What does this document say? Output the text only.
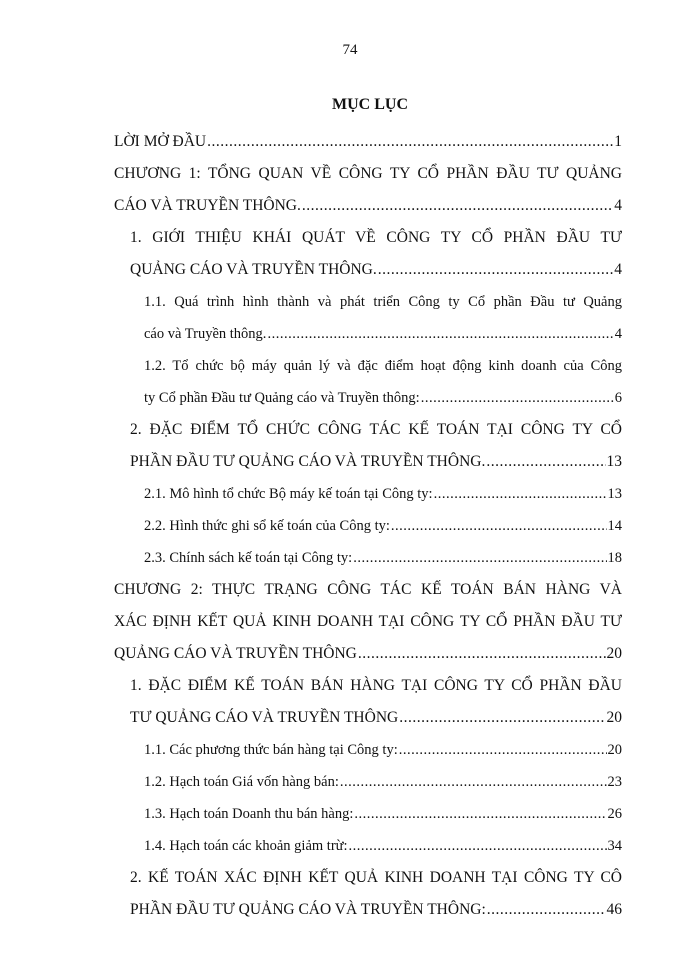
74
MỤC LỤC
LỜI MỞ ĐẦU .....	1
CHƯƠNG 1: TỔNG QUAN VỀ CÔNG TY CỔ PHẦN ĐẦU TƯ QUẢNG
CÁO VÀ TRUYỀN THÔNG. .....	4
1. GIỚI THIỆU KHÁI QUÁT VỀ CÔNG TY CỔ PHẦN ĐẦU TƯ
QUẢNG CÁO VÀ TRUYỀN THÔNG. .....	4
1.1. Quá trình hình thành và phát triển Công ty Cổ phần Đầu tư Quảng
cáo và Truyền thông. .....	4
1.2. Tổ chức bộ máy quản lý và đặc điểm hoạt động kinh doanh của Công
ty Cổ phần Đầu tư Quảng cáo và Truyền thông: .....	6
2. ĐẶC ĐIỂM TỔ CHỨC CÔNG TÁC KẾ TOÁN TẠI CÔNG TY CỔ
PHẦN ĐẦU TƯ QUẢNG CÁO VÀ TRUYỀN THÔNG. .....	13
2.1. Mô hình tổ chức Bộ máy kế toán tại Công ty: .....	13
2.2. Hình thức ghi sổ kế toán của Công ty: .....	14
2.3. Chính sách kế toán tại Công ty: .....	18
CHƯƠNG 2: THỰC TRẠNG CÔNG TÁC KẾ TOÁN BÁN HÀNG VÀ
XÁC ĐỊNH KẾT QUẢ KINH DOANH TẠI CÔNG TY CỔ PHẦN ĐẦU TƯ
QUẢNG CÁO VÀ TRUYỀN THÔNG .....	20
1. ĐẶC ĐIỂM KẾ TOÁN BÁN HÀNG TẠI CÔNG TY CỔ PHẦN ĐẦU
TƯ QUẢNG CÁO VÀ TRUYỀN THÔNG .....	20
1.1. Các phương thức bán hàng tại Công ty: .....	20
1.2. Hạch toán Giá vốn hàng bán: .....	23
1.3. Hạch toán Doanh thu bán hàng: .....	26
1.4. Hạch toán các khoản giảm trừ: .....	34
2. KẾ TOÁN XÁC ĐỊNH KẾT QUẢ KINH DOANH TẠI CÔNG TY CÔ
PHẦN ĐẦU TƯ QUẢNG CÁO VÀ TRUYỀN THÔNG: .....	46
